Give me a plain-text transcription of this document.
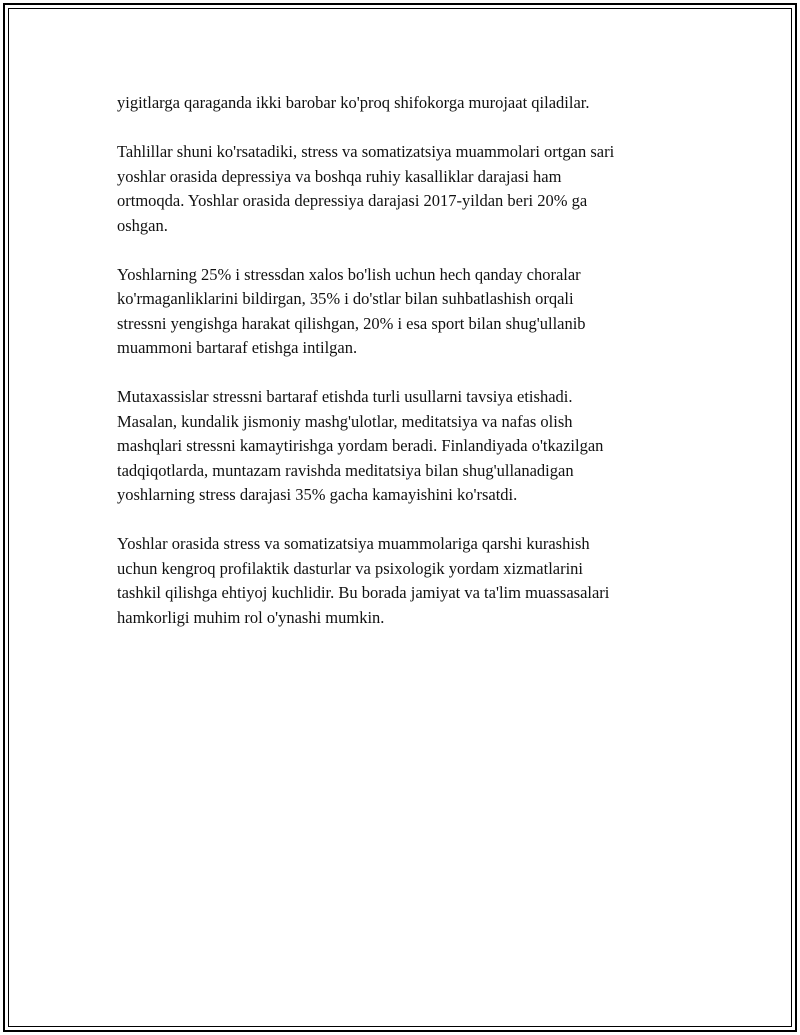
yigitlarga qaraganda ikki barobar ko'proq shifokorga murojaat qiladilar.

Tahlillar shuni ko'rsatadiki, stress va somatizatsiya muammolari ortgan sari
yoshlar orasida depressiya va boshqa ruhiy kasalliklar darajasi ham
ortmoqda. Yoshlar orasida depressiya darajasi 2017-yildan beri 20% ga
oshgan.

Yoshlarning 25% i stressdan xalos bo'lish uchun hech qanday choralar
ko'rmaganliklarini bildirgan, 35% i do'stlar bilan suhbatlashish orqali
stressni yengishga harakat qilishgan, 20% i esa sport bilan shug'ullanib
muammoni bartaraf etishga intilgan.

Mutaxassislar stressni bartaraf etishda turli usullarni tavsiya etishadi.
Masalan, kundalik jismoniy mashg'ulotlar, meditatsiya va nafas olish
mashqlari stressni kamaytirishga yordam beradi. Finlandiyada o'tkazilgan
tadqiqotlarda, muntazam ravishda meditatsiya bilan shug'ullanadigan
yoshlarning stress darajasi 35% gacha kamayishini ko'rsatdi.

Yoshlar orasida stress va somatizatsiya muammolariga qarshi kurashish
uchun kengroq profilaktik dasturlar va psixologik yordam xizmatlarini
tashkil qilishga ehtiyoj kuchlidir. Bu borada jamiyat va ta'lim muassasalari
hamkorligi muhim rol o'ynashi mumkin.
